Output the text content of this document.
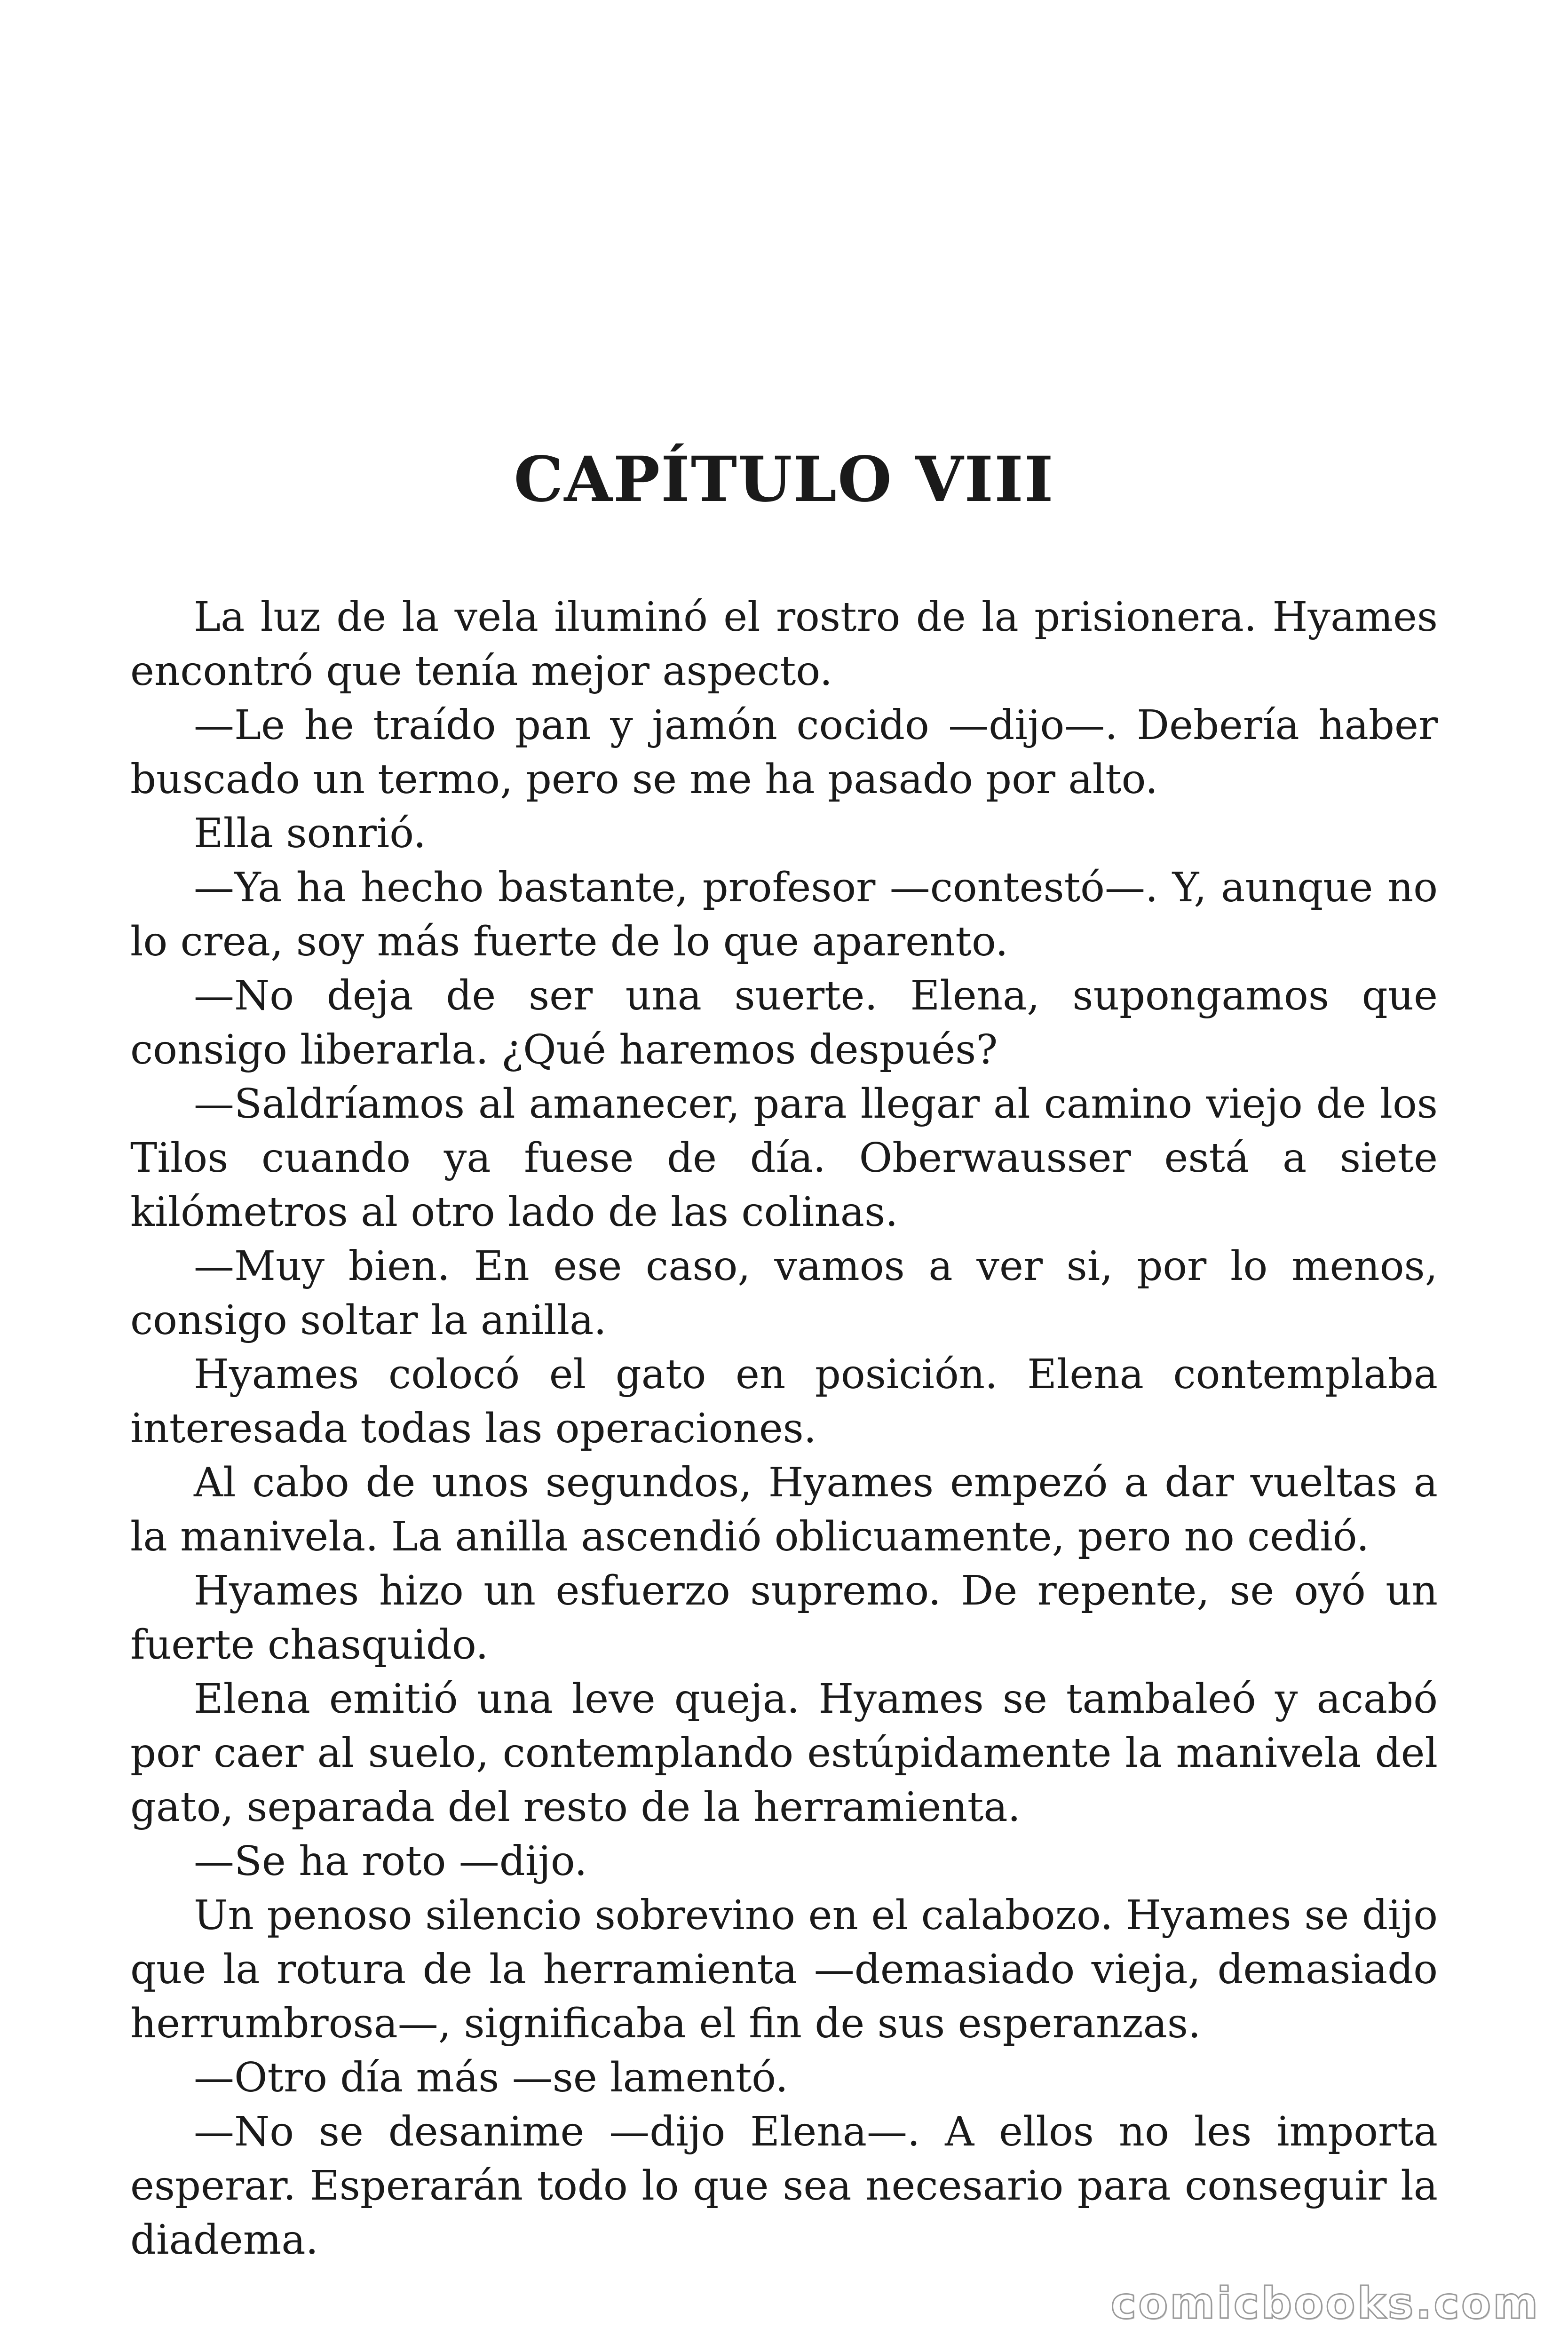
CAPÍTULO VIII

La luz de la vela iluminó el rostro de la prisionera. Hyames encontró que tenía mejor aspecto.

—Le he traído pan y jamón cocido —dijo—. Debería haber buscado un termo, pero se me ha pasado por alto.

Ella sonrió.

—Ya ha hecho bastante, profesor —contestó—. Y, aunque no lo crea, soy más fuerte de lo que aparento.

—No deja de ser una suerte. Elena, supongamos que consigo liberarla. ¿Qué haremos después?

—Saldríamos al amanecer, para llegar al camino viejo de los Tilos cuando ya fuese de día. Oberwausser está a siete kilómetros al otro lado de las colinas.

—Muy bien. En ese caso, vamos a ver si, por lo menos, consigo soltar la anilla.

Hyames colocó el gato en posición. Elena contemplaba interesada todas las operaciones.

Al cabo de unos segundos, Hyames empezó a dar vueltas a la manivela. La anilla ascendió oblicuamente, pero no cedió.

Hyames hizo un esfuerzo supremo. De repente, se oyó un fuerte chasquido.

Elena emitió una leve queja. Hyames se tambaleó y acabó por caer al suelo, contemplando estúpidamente la manivela del gato, separada del resto de la herramienta.

—Se ha roto —dijo.

Un penoso silencio sobrevino en el calabozo. Hyames se dijo que la rotura de la herramienta —demasiado vieja, demasiado herrumbrosa—, significaba el fin de sus esperanzas.

—Otro día más —se lamentó.

—No se desanime —dijo Elena—. A ellos no les importa esperar. Esperarán todo lo que sea necesario para conseguir la diadema.

comicbooks.com
